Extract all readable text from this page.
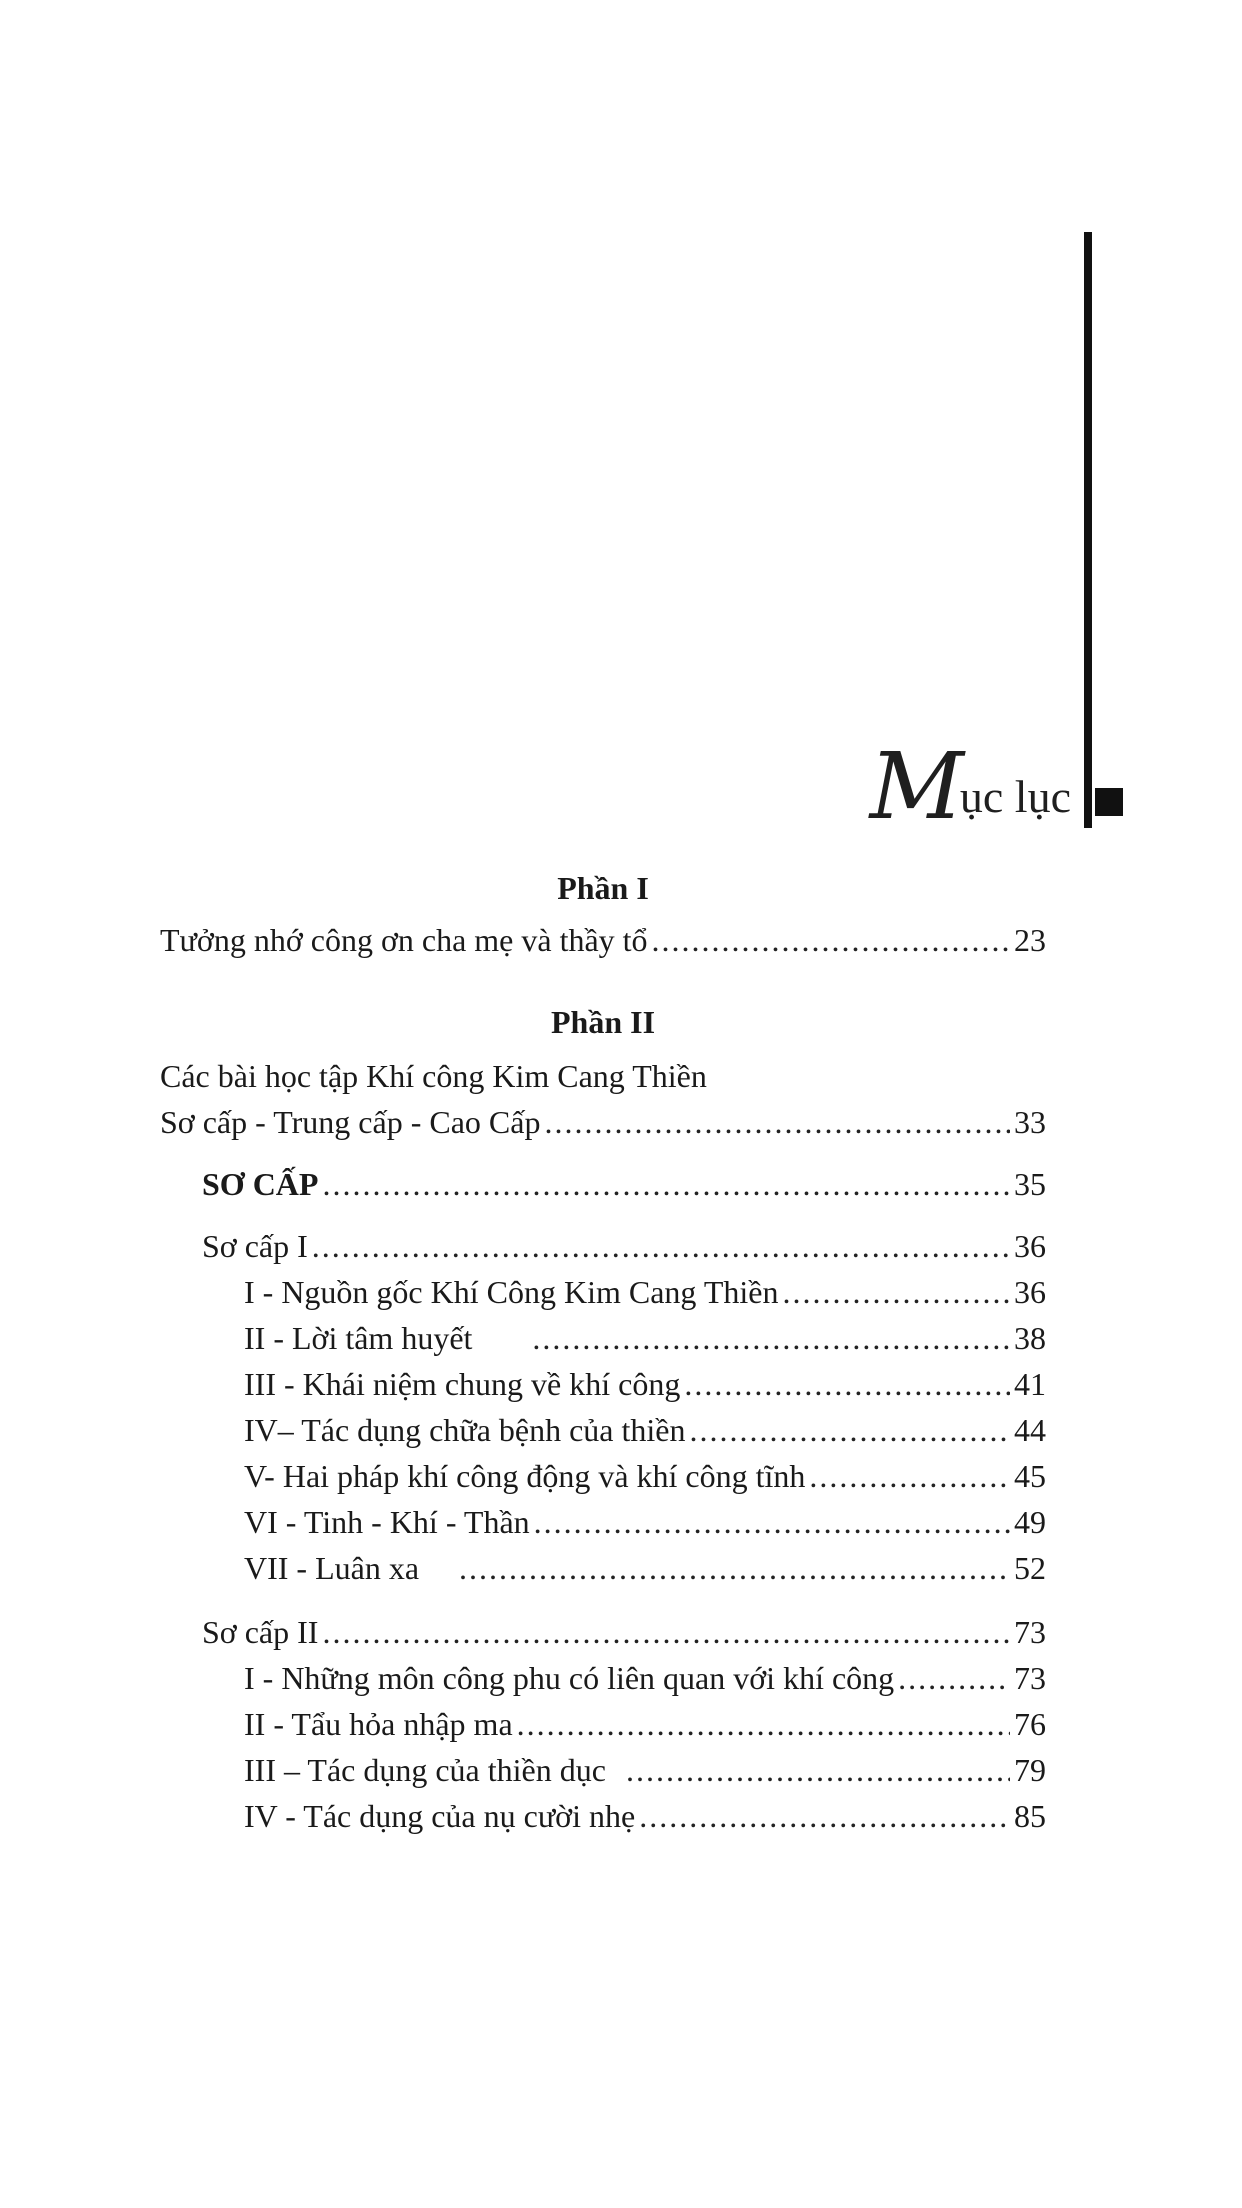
M
ục lục
Phần I
Tưởng nhớ công ơn cha mẹ và thầy tổ .....	23
Phần II
Các bài học tập Khí công Kim Cang Thiền
Sơ cấp - Trung cấp - Cao Cấp .....	33
SƠ CẤP .....	35
Sơ cấp I .....	36
I - Nguồn gốc Khí Công Kim Cang Thiền .....	36
II - Lời tâm huyết .....	38
III - Khái niệm chung về khí công .....	41
IV– Tác dụng chữa bệnh của thiền .....	44
V- Hai pháp khí công động và khí công tĩnh .....	45
VI - Tinh - Khí - Thần .....	49
VII - Luân xa .....	52
Sơ cấp II .....	73
I - Những môn công phu có liên quan với khí công .....	73
II - Tẩu hỏa nhập ma .....	76
III – Tác dụng của thiền dục .....	79
IV - Tác dụng của nụ cười nhẹ .....	85
